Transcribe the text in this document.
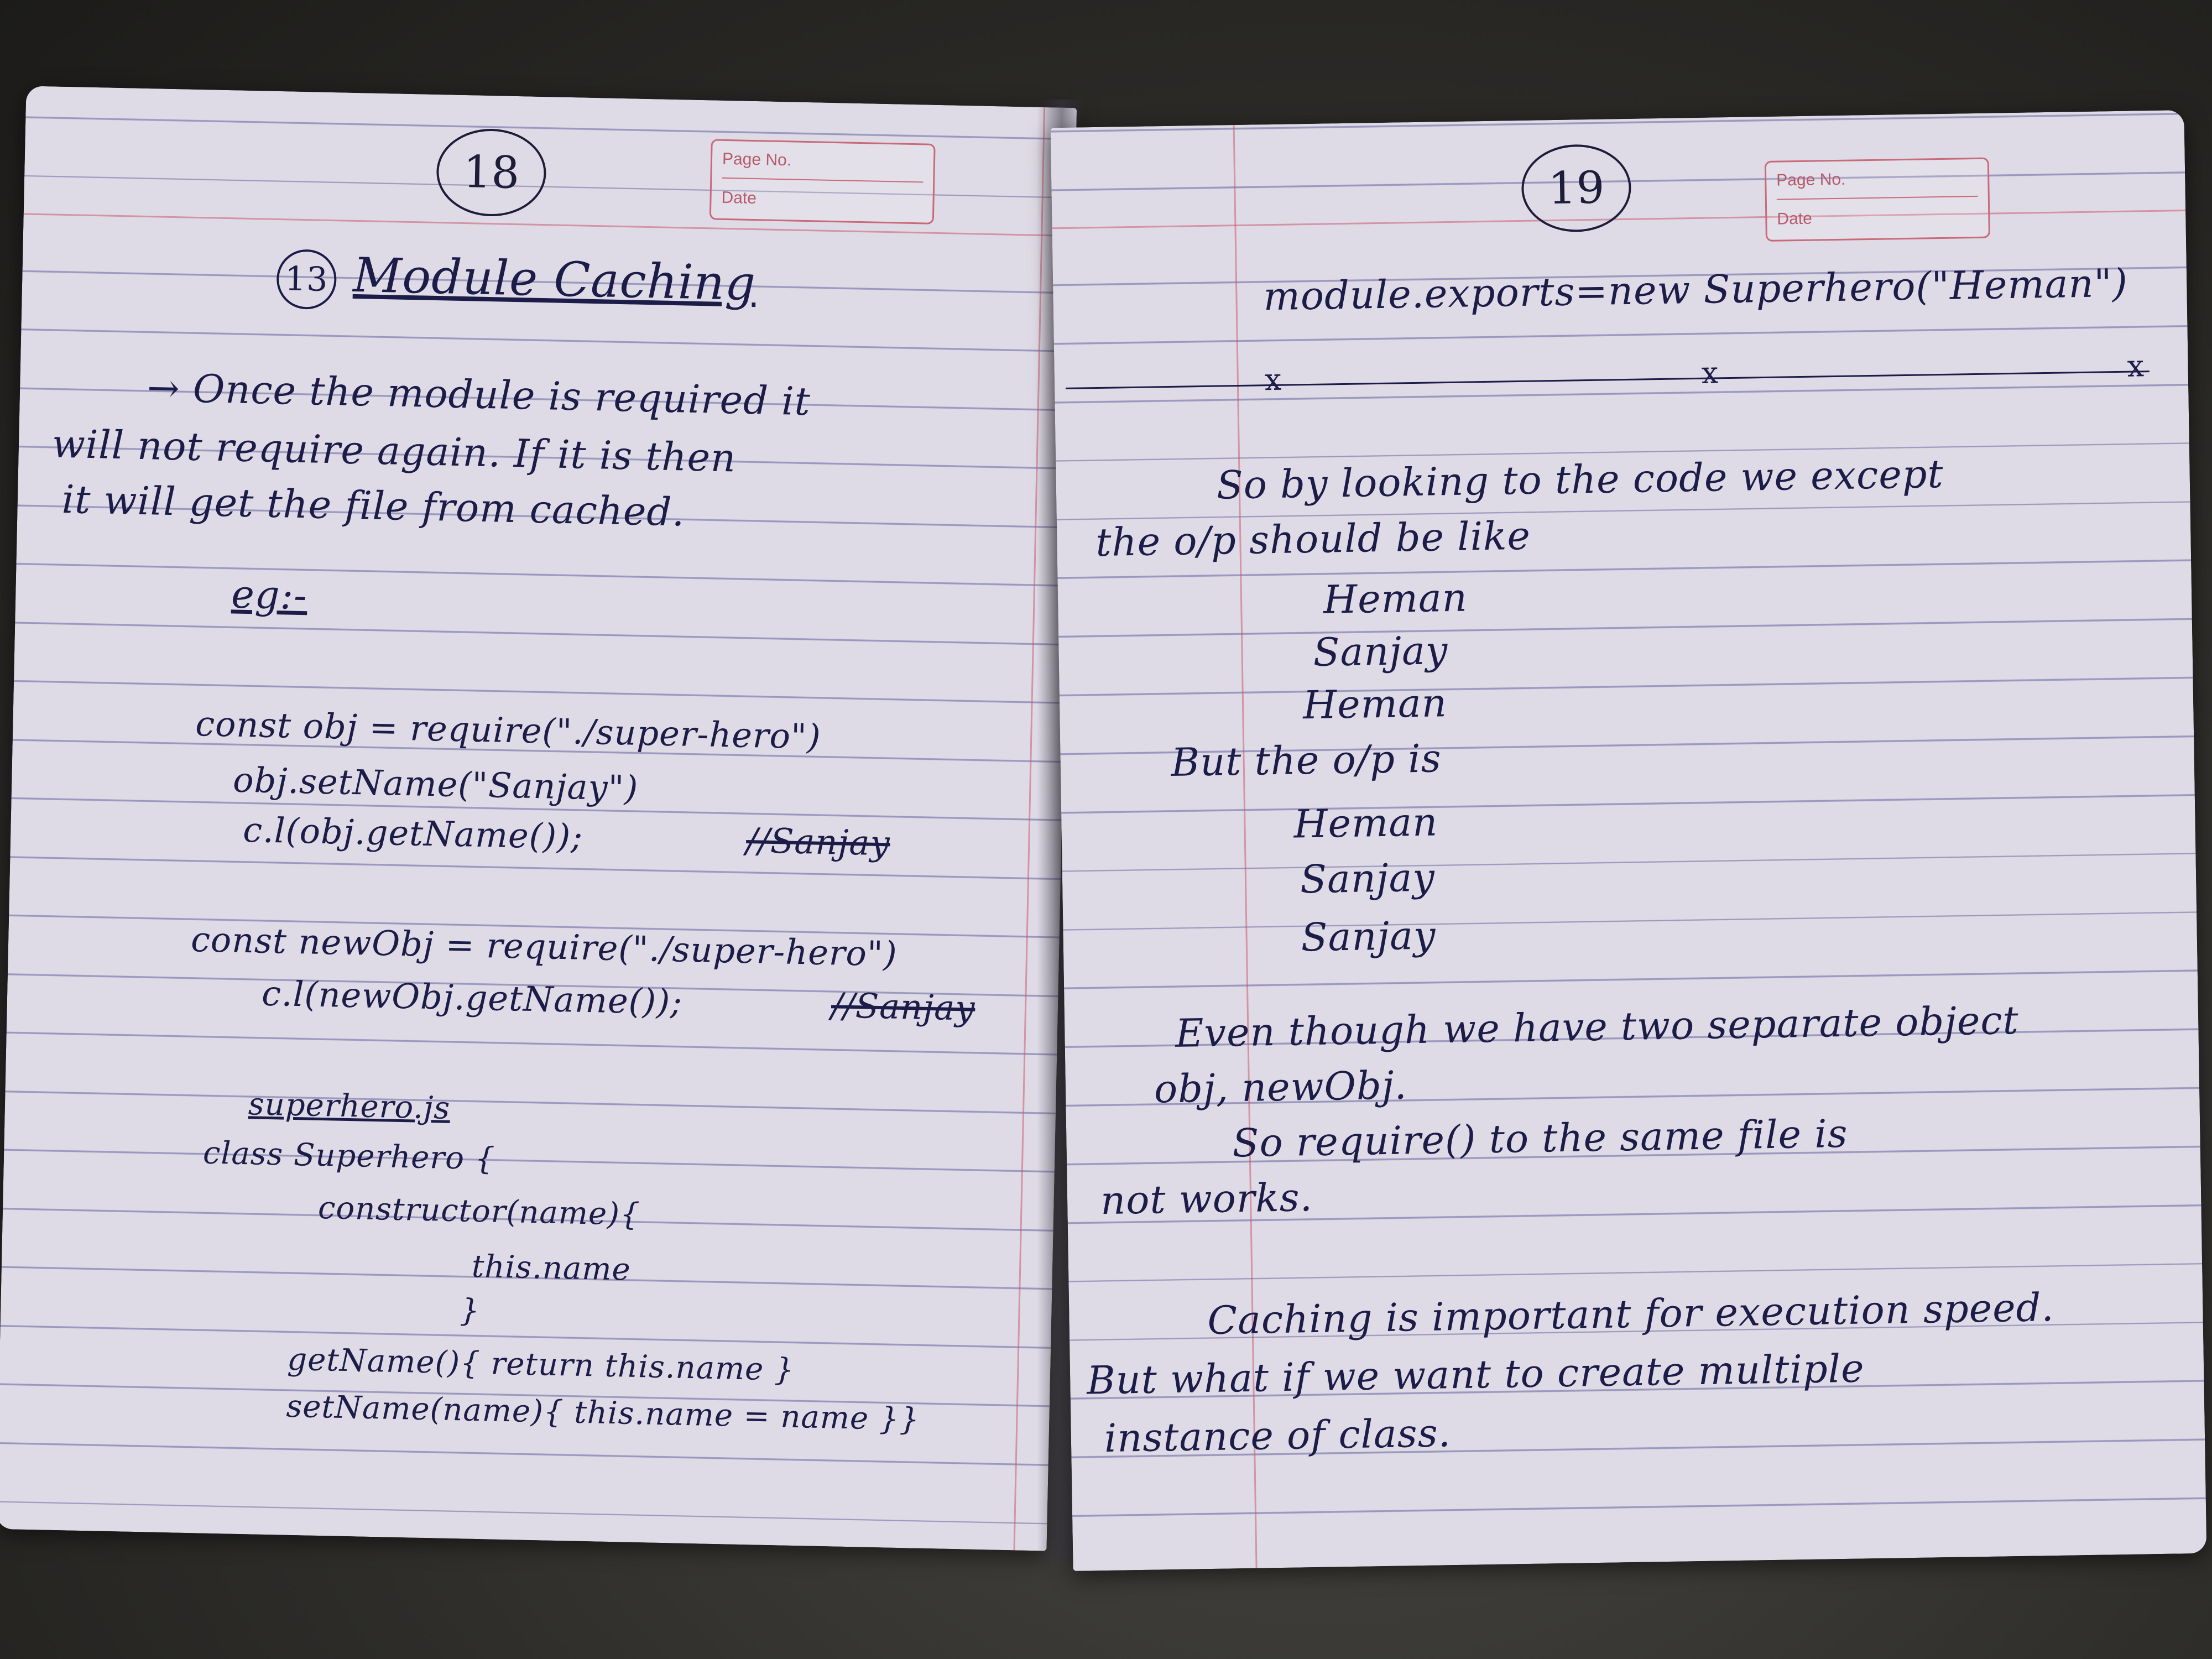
18	Page No.
Date
13 Module Caching
→ Once the module is required it
will not require again. If it is then
it will get the file from cached.
eg:-
const obj = require("./super-hero")
obj.setName("Sanjay")
c.l(obj.getName());	//Sanjay
const newObj = require("./super-hero")
c.l(newObj.getName());	//Sanjay
superhero.js
class Superhero {
constructor(name){
this.name
}
getName(){ return this.name }
setName(name){ this.name = name }}
19	Page No.
Date
module.exports=new Superhero("Heman")
x	x	x
So by looking to the code we except
the o/p should be like
Heman
Sanjay
Heman
But the o/p is
Heman
Sanjay
Sanjay
Even though we have two separate object
obj, newObj.
So require() to the same file is
not works.
Caching is important for execution speed.
But what if we want to create multiple
instance of class.
